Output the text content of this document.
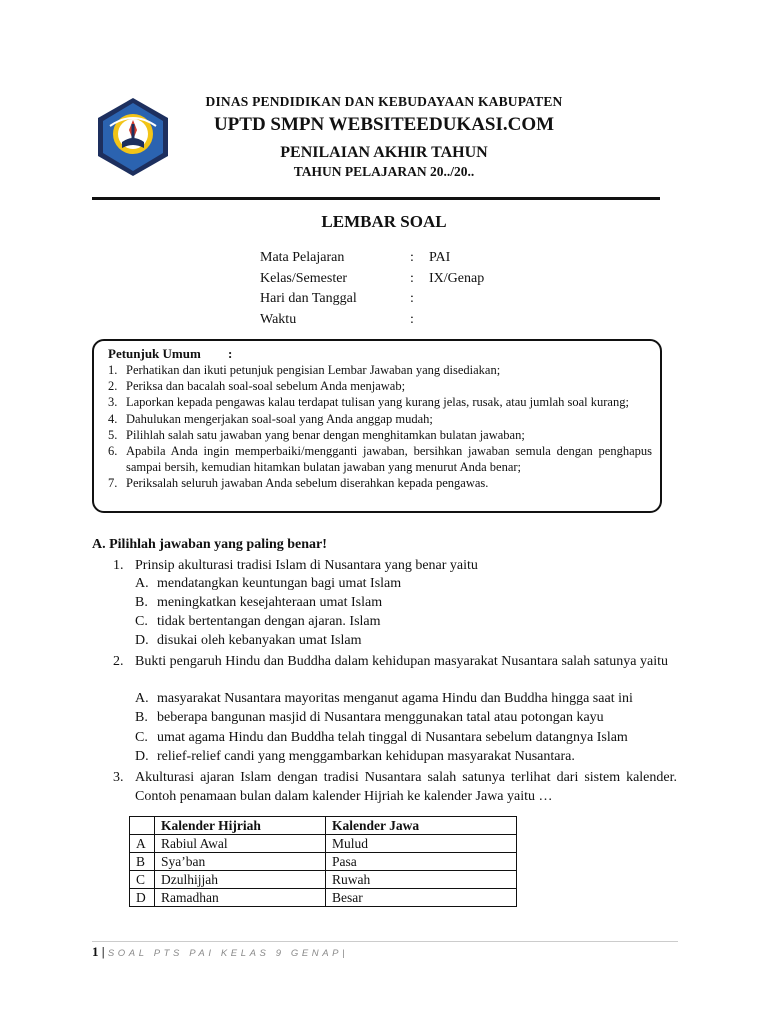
DINAS PENDIDIKAN DAN KEBUDAYAAN KABUPATEN
UPTD SMPN WEBSITEEDUKASI.COM
PENILAIAN AKHIR TAHUN
TAHUN PELAJARAN 20../20..
LEMBAR SOAL
Mata Pelajaran	: PAI
Kelas/Semester	: IX/Genap
Hari dan Tanggal	:
Waktu	:
Petunjuk Umum :
1. Perhatikan dan ikuti petunjuk pengisian Lembar Jawaban yang disediakan;
2. Periksa dan bacalah soal-soal sebelum Anda menjawab;
3. Laporkan kepada pengawas kalau terdapat tulisan yang kurang jelas, rusak, atau jumlah soal kurang;
4. Dahulukan mengerjakan soal-soal yang Anda anggap mudah;
5. Pilihlah salah satu jawaban yang benar dengan menghitamkan bulatan jawaban;
6. Apabila Anda ingin memperbaiki/mengganti jawaban, bersihkan jawaban semula dengan penghapus sampai bersih, kemudian hitamkan bulatan jawaban yang menurut Anda benar;
7. Periksalah seluruh jawaban Anda sebelum diserahkan kepada pengawas.
A. Pilihlah jawaban yang paling benar!
1. Prinsip akulturasi tradisi Islam di Nusantara yang benar yaitu
A. mendatangkan keuntungan bagi umat Islam
B. meningkatkan kesejahteraan umat Islam
C. tidak bertentangan dengan ajaran. Islam
D. disukai oleh kebanyakan umat Islam
2. Bukti pengaruh Hindu dan Buddha dalam kehidupan masyarakat Nusantara salah satunya yaitu
A. masyarakat Nusantara mayoritas menganut agama Hindu dan Buddha hingga saat ini
B. beberapa bangunan masjid di Nusantara menggunakan tatal atau potongan kayu
C. umat agama Hindu dan Buddha telah tinggal di Nusantara sebelum datangnya Islam
D. relief-relief candi yang menggambarkan kehidupan masyarakat Nusantara.
3. Akulturasi ajaran Islam dengan tradisi Nusantara salah satunya terlihat dari sistem kalender. Contoh penamaan bulan dalam kalender Hijriah ke kalender Jawa yaitu …
	Kalender Hijriah	Kalender Jawa
A	Rabiul Awal	Mulud
B	Sya’ban	Pasa
C	Dzulhijjah	Ruwah
D	Ramadhan	Besar
1 | SOAL PTS PAI KELAS 9 GENAP|
